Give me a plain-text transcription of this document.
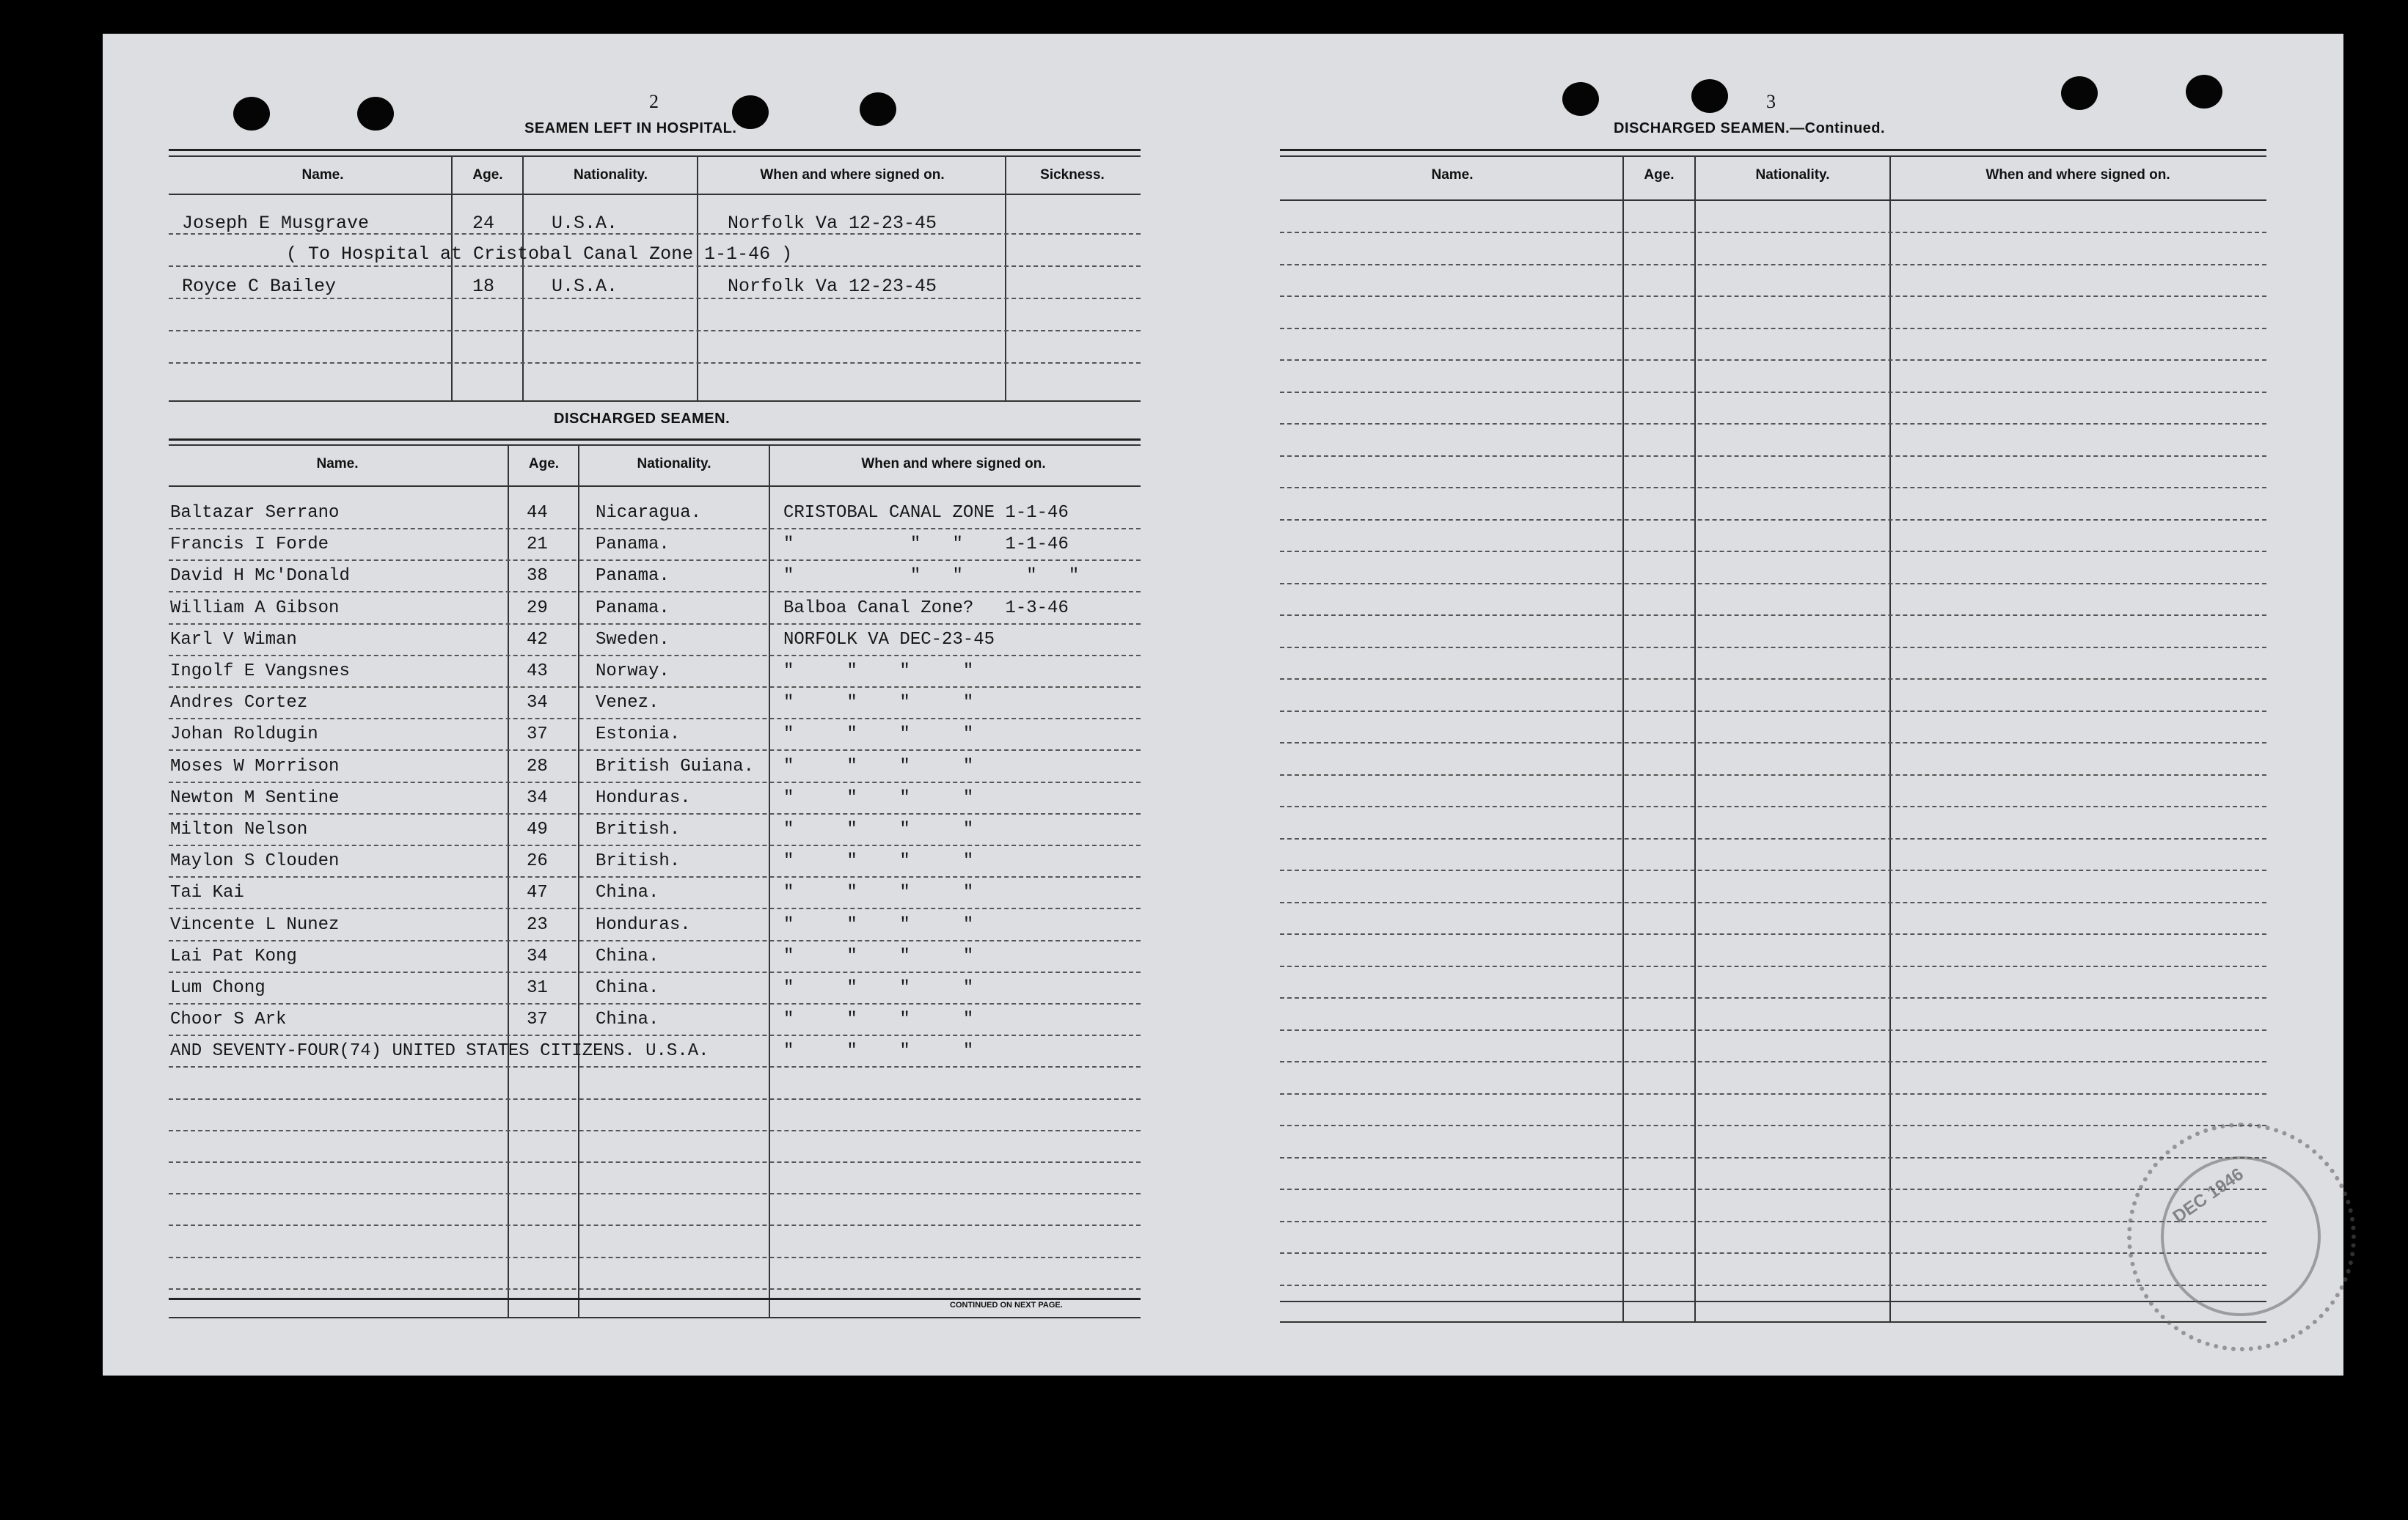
2
SEAMEN LEFT IN HOSPITAL.
Name.	Age.	Nationality.	When and where signed on.	Sickness.
Joseph E Musgrave	24	U.S.A.	Norfolk Va 12-23-45
( To Hospital at Cristobal Canal Zone 1-1-46 )
Royce C Bailey	18	U.S.A.	Norfolk Va 12-23-45
DISCHARGED SEAMEN.
Name.	Age.	Nationality.	When and where signed on.
Baltazar Serrano	44	Nicaragua.	CRISTOBAL CANAL ZONE 1-1-46
Francis I Forde	21	Panama.	"           "   "    1-1-46
David H Mc'Donald	38	Panama.	"           "   "      "   "
William A Gibson	29	Panama.	Balboa Canal Zone?   1-3-46
Karl V Wiman	42	Sweden.	NORFOLK VA DEC-23-45
Ingolf E Vangsnes	43	Norway.	"     "    "     "
Andres Cortez	34	Venez.	"     "    "     "
Johan Roldugin	37	Estonia.	"     "    "     "
Moses W Morrison	28	British Guiana. "     "    "     "
Newton M Sentine	34	Honduras.	"     "    "     "
Milton Nelson	49	British.	"     "    "     "
Maylon S Clouden	26	British.	"     "    "     "
Tai Kai	47	China.	"     "    "     "
Vincente L Nunez	23	Honduras.	"     "    "     "
Lai Pat Kong	34	China.	"     "    "     "
Lum Chong	31	China.	"     "    "     "
Choor S Ark	37	China.	"     "    "     "
AND SEVENTY-FOUR(74) UNITED STATES CITIZENS. U.S.A.	"     "    "     "
CONTINUED ON NEXT PAGE.
3
DISCHARGED SEAMEN.—Continued.
Name.	Age.	Nationality.	When and where signed on.
DEC 1946
